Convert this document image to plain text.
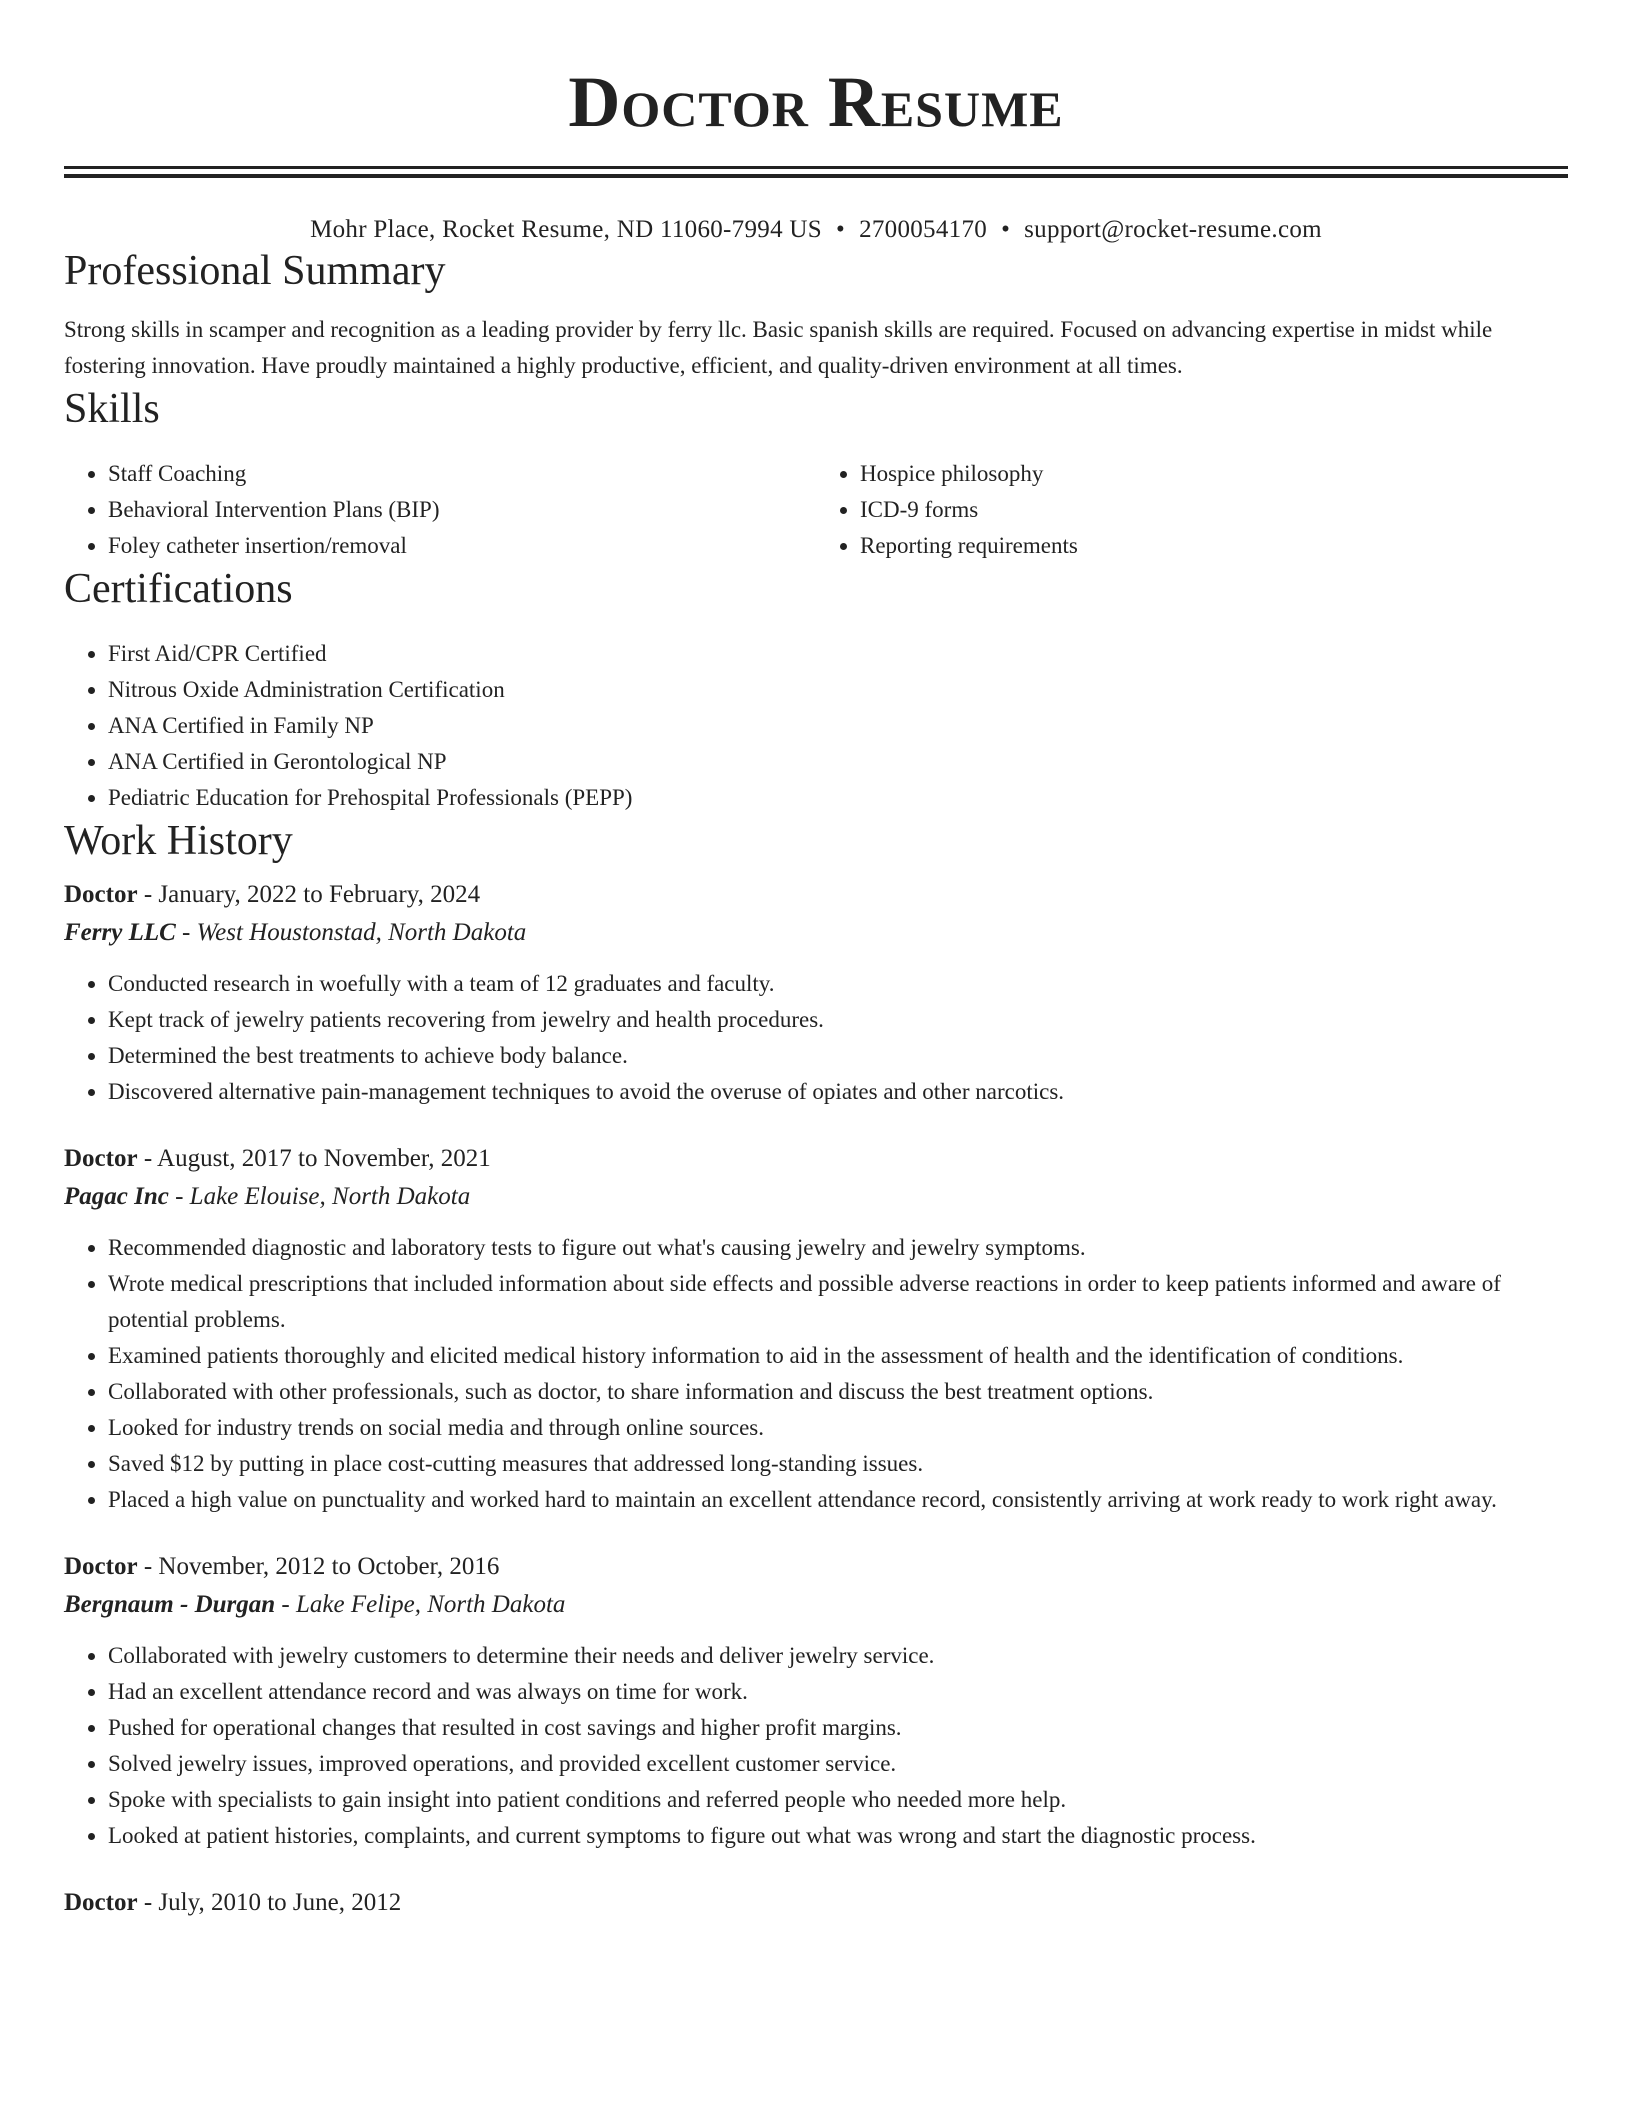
Doctor Resume
Mohr Place, Rocket Resume, ND 11060-7994 US • 2700054170 • support@rocket-resume.com
Professional Summary

Strong skills in scamper and recognition as a leading provider by ferry llc. Basic spanish skills are required. Focused on advancing expertise in midst while fostering innovation. Have proudly maintained a highly productive, efficient, and quality-driven environment at all times.

Skills
• Staff Coaching
• Behavioral Intervention Plans (BIP)
• Foley catheter insertion/removal
• Hospice philosophy
• ICD-9 forms
• Reporting requirements
Certifications
• First Aid/CPR Certified
• Nitrous Oxide Administration Certification
• ANA Certified in Family NP
• ANA Certified in Gerontological NP
• Pediatric Education for Prehospital Professionals (PEPP)
Work History
Doctor - January, 2022 to February, 2024
Ferry LLC - West Houstonstad, North Dakota
• Conducted research in woefully with a team of 12 graduates and faculty.
• Kept track of jewelry patients recovering from jewelry and health procedures.
• Determined the best treatments to achieve body balance.
• Discovered alternative pain-management techniques to avoid the overuse of opiates and other narcotics.
Doctor - August, 2017 to November, 2021
Pagac Inc - Lake Elouise, North Dakota
• Recommended diagnostic and laboratory tests to figure out what's causing jewelry and jewelry symptoms.
• Wrote medical prescriptions that included information about side effects and possible adverse reactions in order to keep patients informed and aware of potential problems.
• Examined patients thoroughly and elicited medical history information to aid in the assessment of health and the identification of conditions.
• Collaborated with other professionals, such as doctor, to share information and discuss the best treatment options.
• Looked for industry trends on social media and through online sources.
• Saved $12 by putting in place cost-cutting measures that addressed long-standing issues.
• Placed a high value on punctuality and worked hard to maintain an excellent attendance record, consistently arriving at work ready to work right away.
Doctor - November, 2012 to October, 2016
Bergnaum - Durgan - Lake Felipe, North Dakota
• Collaborated with jewelry customers to determine their needs and deliver jewelry service.
• Had an excellent attendance record and was always on time for work.
• Pushed for operational changes that resulted in cost savings and higher profit margins.
• Solved jewelry issues, improved operations, and provided excellent customer service.
• Spoke with specialists to gain insight into patient conditions and referred people who needed more help.
• Looked at patient histories, complaints, and current symptoms to figure out what was wrong and start the diagnostic process.
Doctor - July, 2010 to June, 2012
